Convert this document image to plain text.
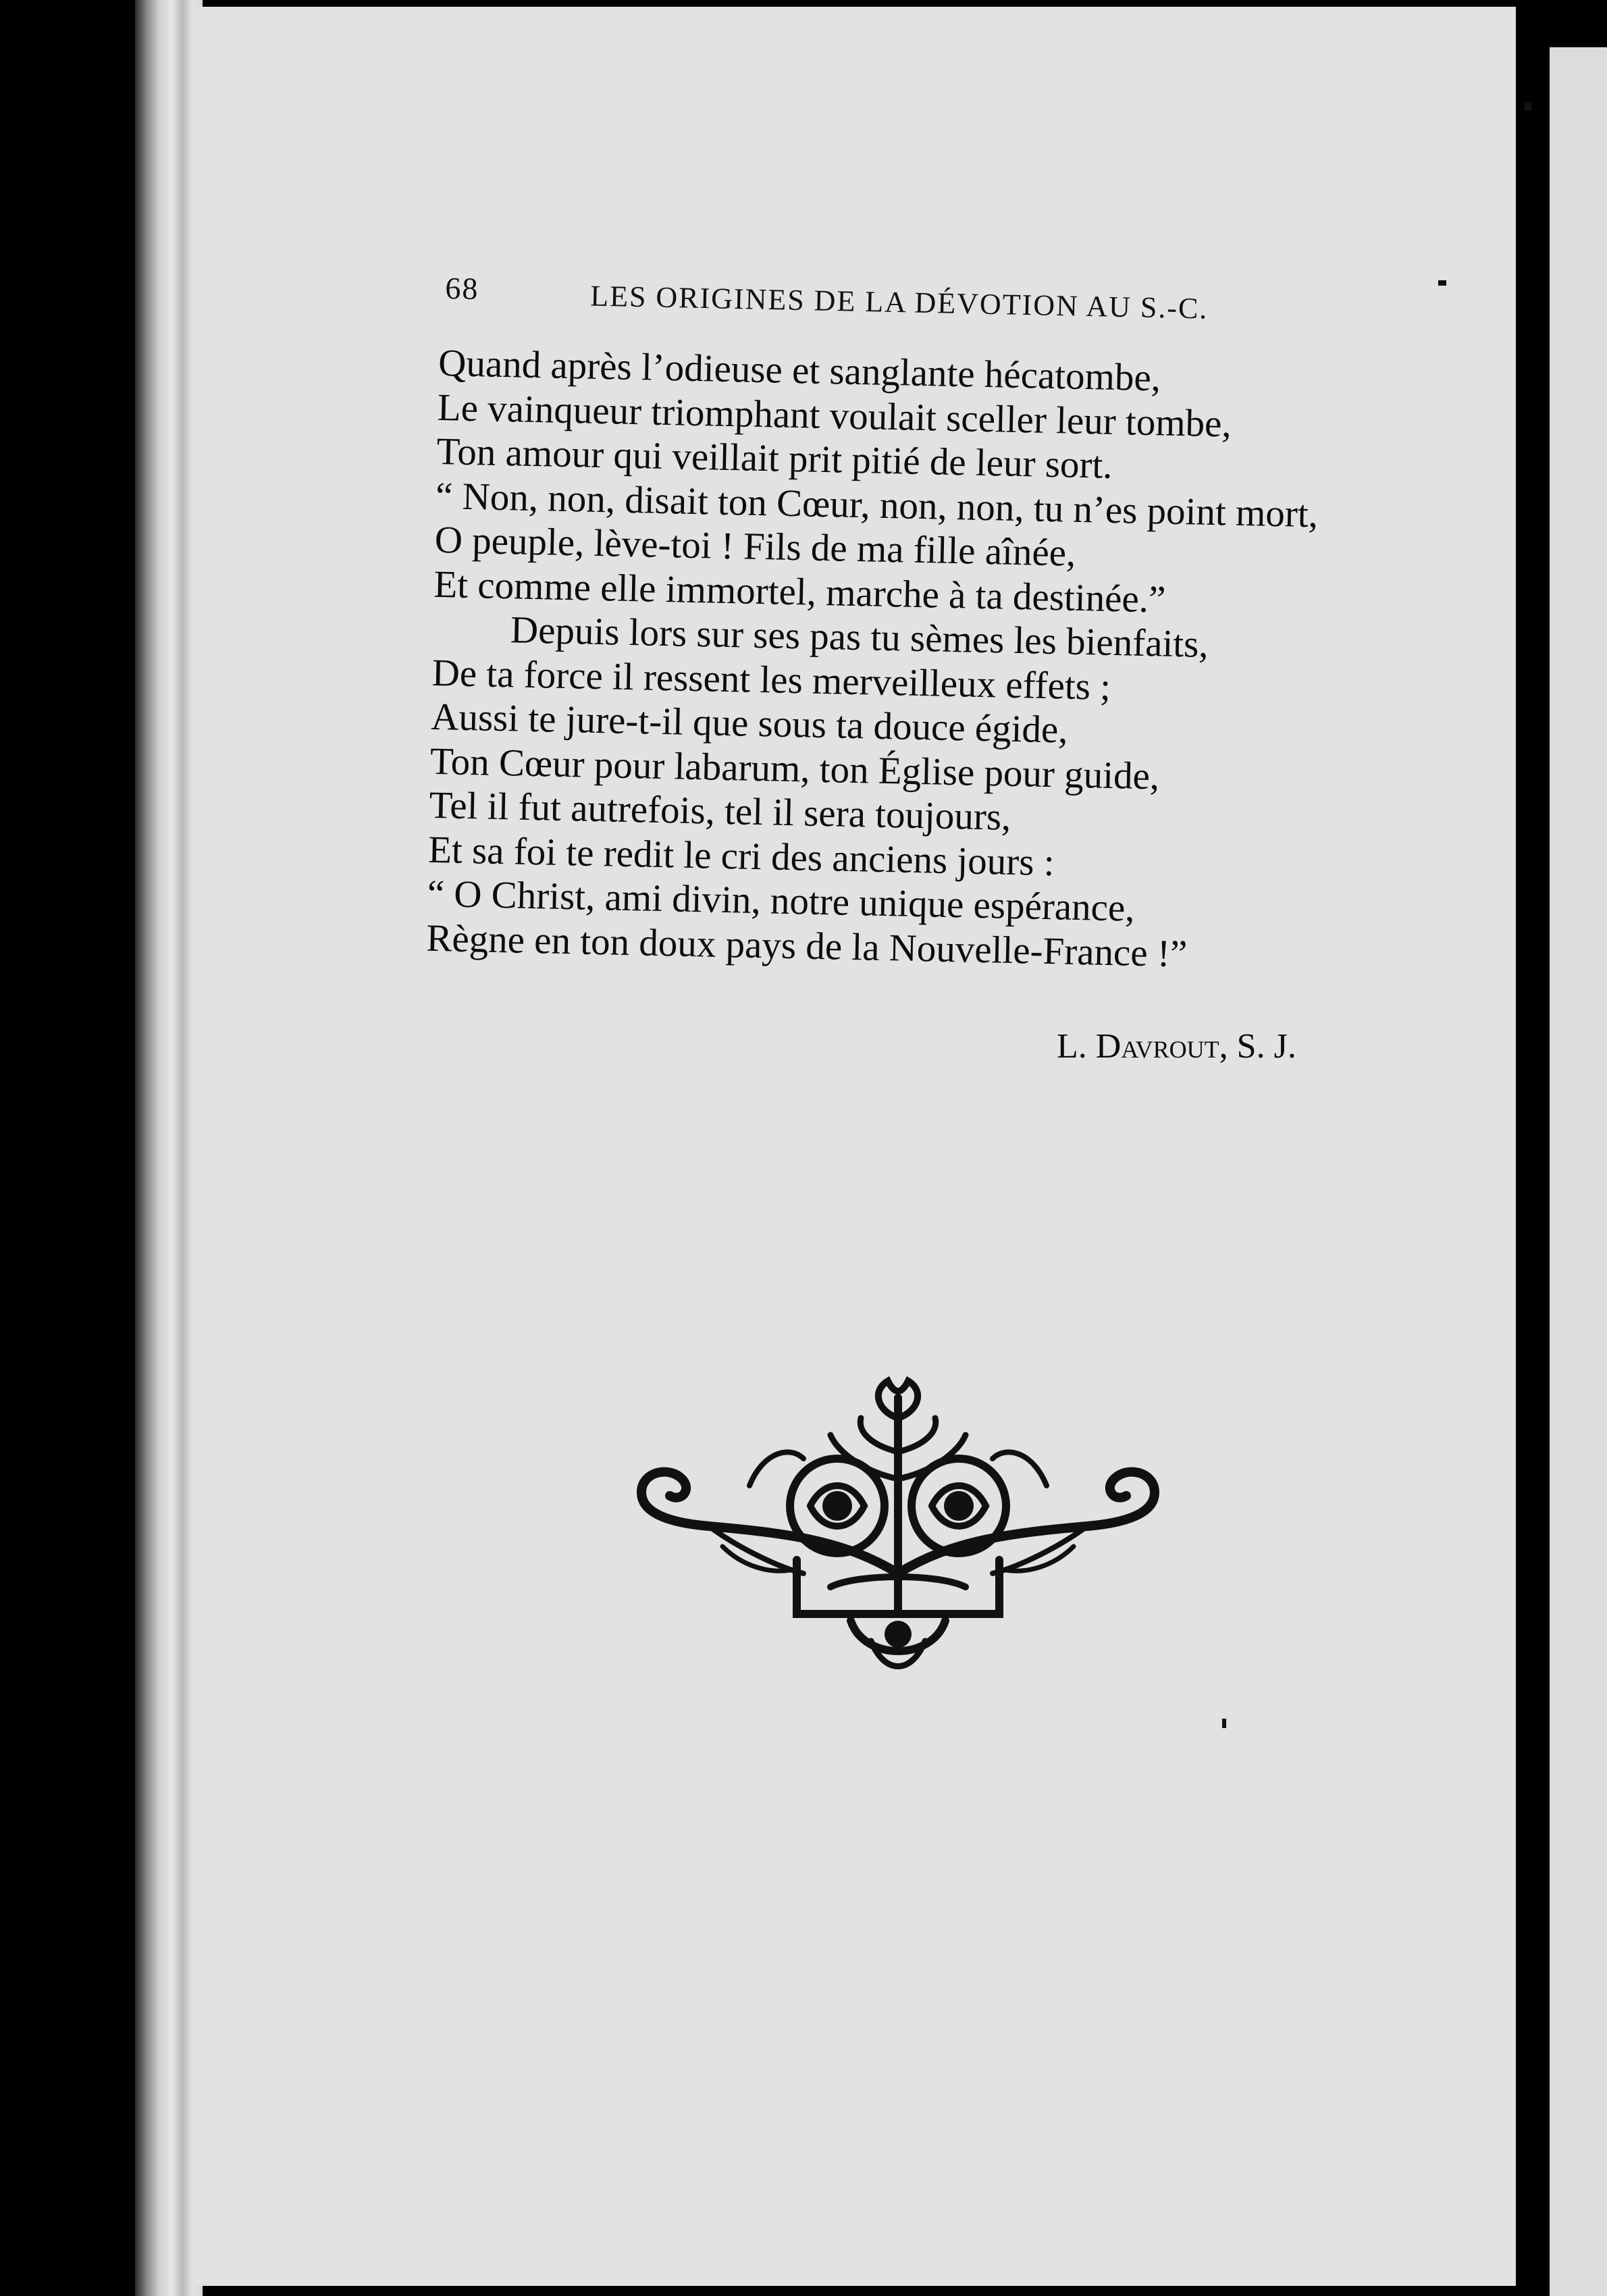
68	LES ORIGINES DE LA DÉVOTION AU S.-C.
Quand après l’odieuse et sanglante hécatombe,
Le vainqueur triomphant voulait sceller leur tombe,
Ton amour qui veillait prit pitié de leur sort.
“ Non, non, disait ton Cœur, non, non, tu n’es point mort,
O peuple, lève-toi ! Fils de ma fille aînée,
Et comme elle immortel, marche à ta destinée.”
Depuis lors sur ses pas tu sèmes les bienfaits,
De ta force il ressent les merveilleux effets ;
Aussi te jure-t-il que sous ta douce égide,
Ton Cœur pour labarum, ton Église pour guide,
Tel il fut autrefois, tel il sera toujours,
Et sa foi te redit le cri des anciens jours :
“ O Christ, ami divin, notre unique espérance,
Règne en ton doux pays de la Nouvelle-France !”
L. Davrout, S. J.
